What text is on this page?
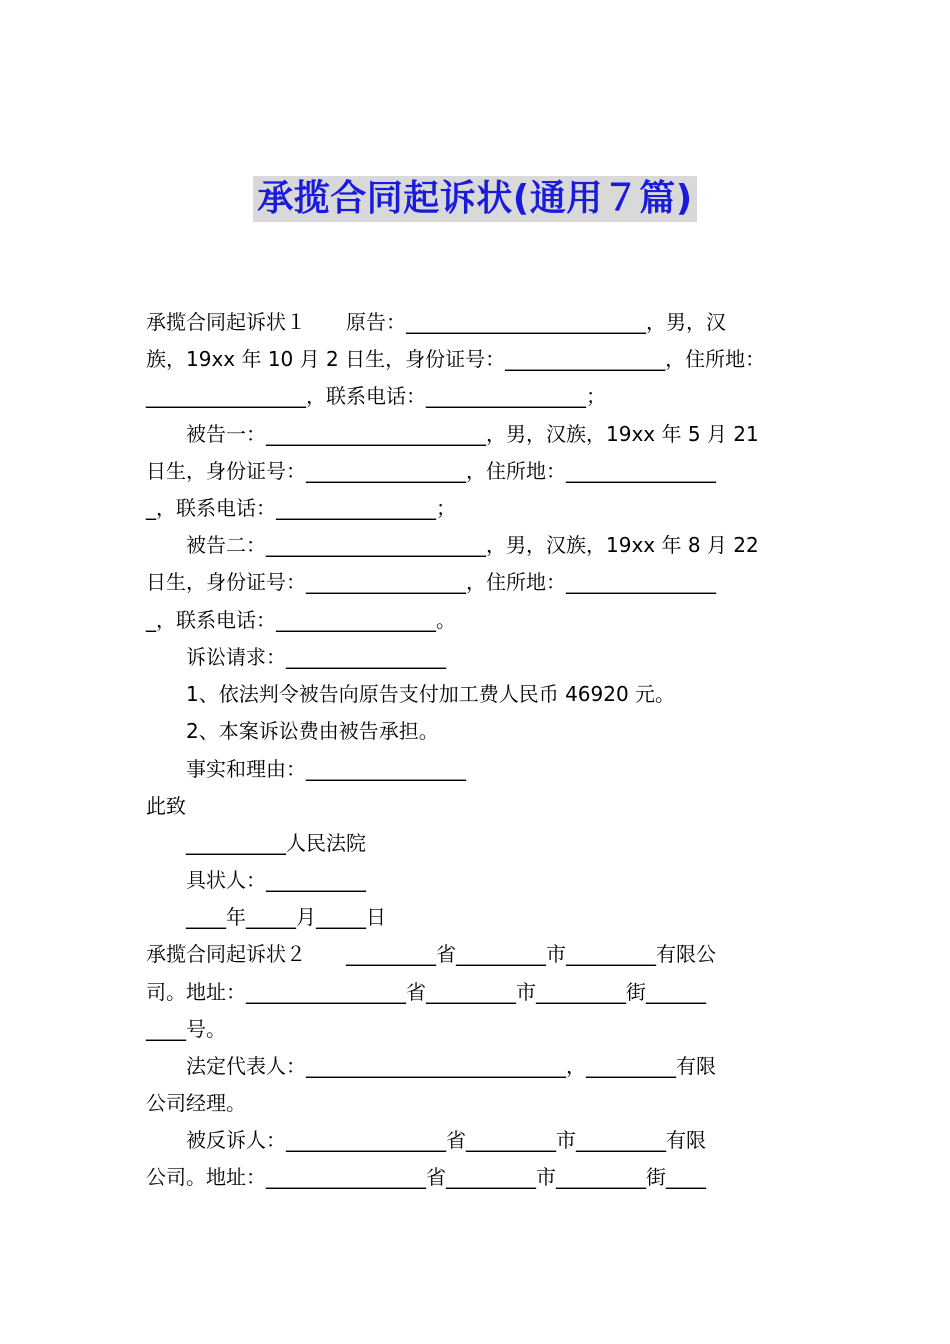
承揽合同起诉状(通用７篇)
承揽合同起诉状１　　原告：________________________，男，汉
族，19xx 年 10 月 2 日生，身份证号：________________，住所地：
________________，联系电话：________________；
　　被告一：______________________，男，汉族，19xx 年 5 月 21
日生，身份证号：________________，住所地：_______________
_，联系电话：________________；
　　被告二：______________________，男，汉族，19xx 年 8 月 22
日生，身份证号：________________，住所地：_______________
_，联系电话：________________。
　　诉讼请求：________________
　　1、依法判令被告向原告支付加工费人民币 46920 元。
　　2、本案诉讼费由被告承担。
　　事实和理由：________________
此致
　　__________人民法院
　　具状人：__________
　　____年_____月_____日
承揽合同起诉状２　　_________省_________市_________有限公
司。地址：________________省_________市_________街______
____号。
　　法定代表人：__________________________，_________有限
公司经理。
　　被反诉人：________________省_________市_________有限
公司。地址：________________省_________市_________街____
